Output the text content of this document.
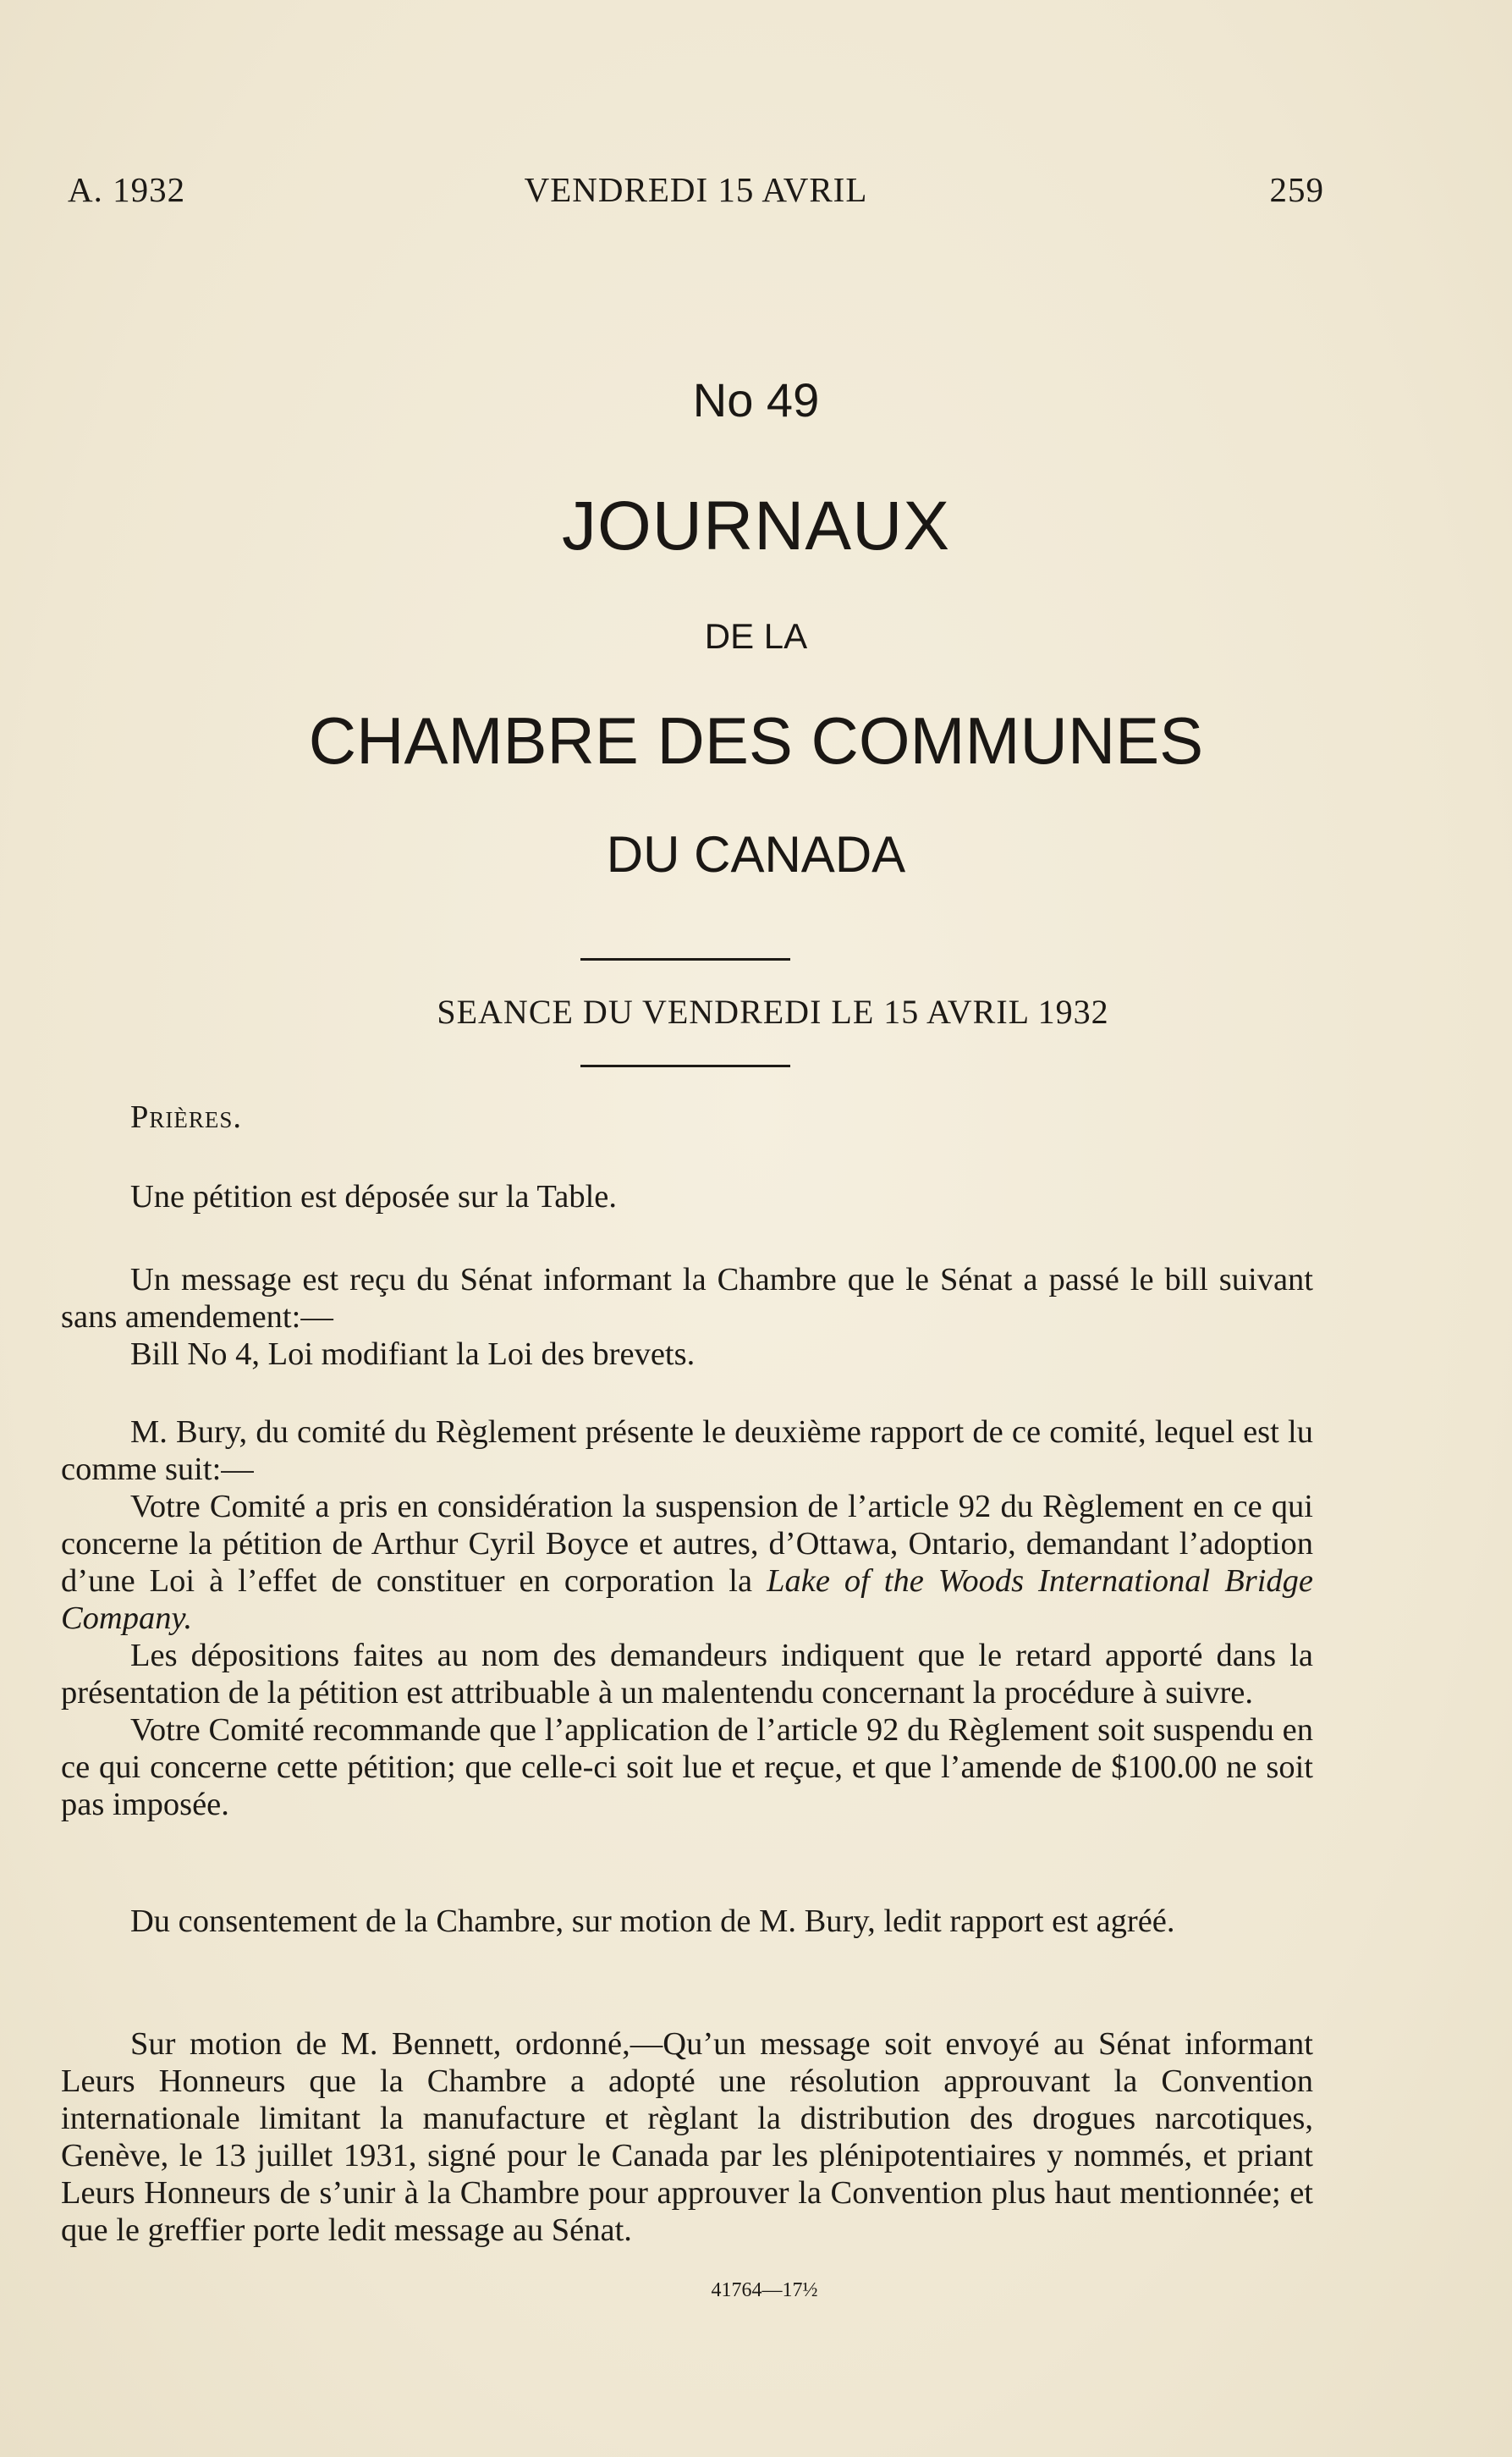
A. 1932	VENDREDI 15 AVRIL	259
No 49
JOURNAUX
DE LA
CHAMBRE DES COMMUNES
DU CANADA
SEANCE DU VENDREDI LE 15 AVRIL 1932

Prières.

Une pétition est déposée sur la Table.

Un message est reçu du Sénat informant la Chambre que le Sénat a passé le bill suivant sans amendement:—

Bill No 4, Loi modifiant la Loi des brevets.

M. Bury, du comité du Règlement présente le deuxième rapport de ce comité, lequel est lu comme suit:—

Votre Comité a pris en considération la suspension de l’article 92 du Règlement en ce qui concerne la pétition de Arthur Cyril Boyce et autres, d’Ottawa, Ontario, demandant l’adoption d’une Loi à l’effet de constituer en corporation la Lake of the Woods International Bridge Company.

Les dépositions faites au nom des demandeurs indiquent que le retard apporté dans la présentation de la pétition est attribuable à un malentendu concernant la procédure à suivre.

Votre Comité recommande que l’application de l’article 92 du Règlement soit suspendu en ce qui concerne cette pétition; que celle-ci soit lue et reçue, et que l’amende de $100.00 ne soit pas imposée.

Du consentement de la Chambre, sur motion de M. Bury, ledit rapport est agréé.

Sur motion de M. Bennett, ordonné,—Qu’un message soit envoyé au Sénat informant Leurs Honneurs que la Chambre a adopté une résolution approuvant la Convention internationale limitant la manufacture et règlant la distribution des drogues narcotiques, Genève, le 13 juillet 1931, signé pour le Canada par les plénipotentiaires y nommés, et priant Leurs Honneurs de s’unir à la Chambre pour approuver la Convention plus haut mentionnée; et que le greffier porte ledit message au Sénat.

41764—17½
